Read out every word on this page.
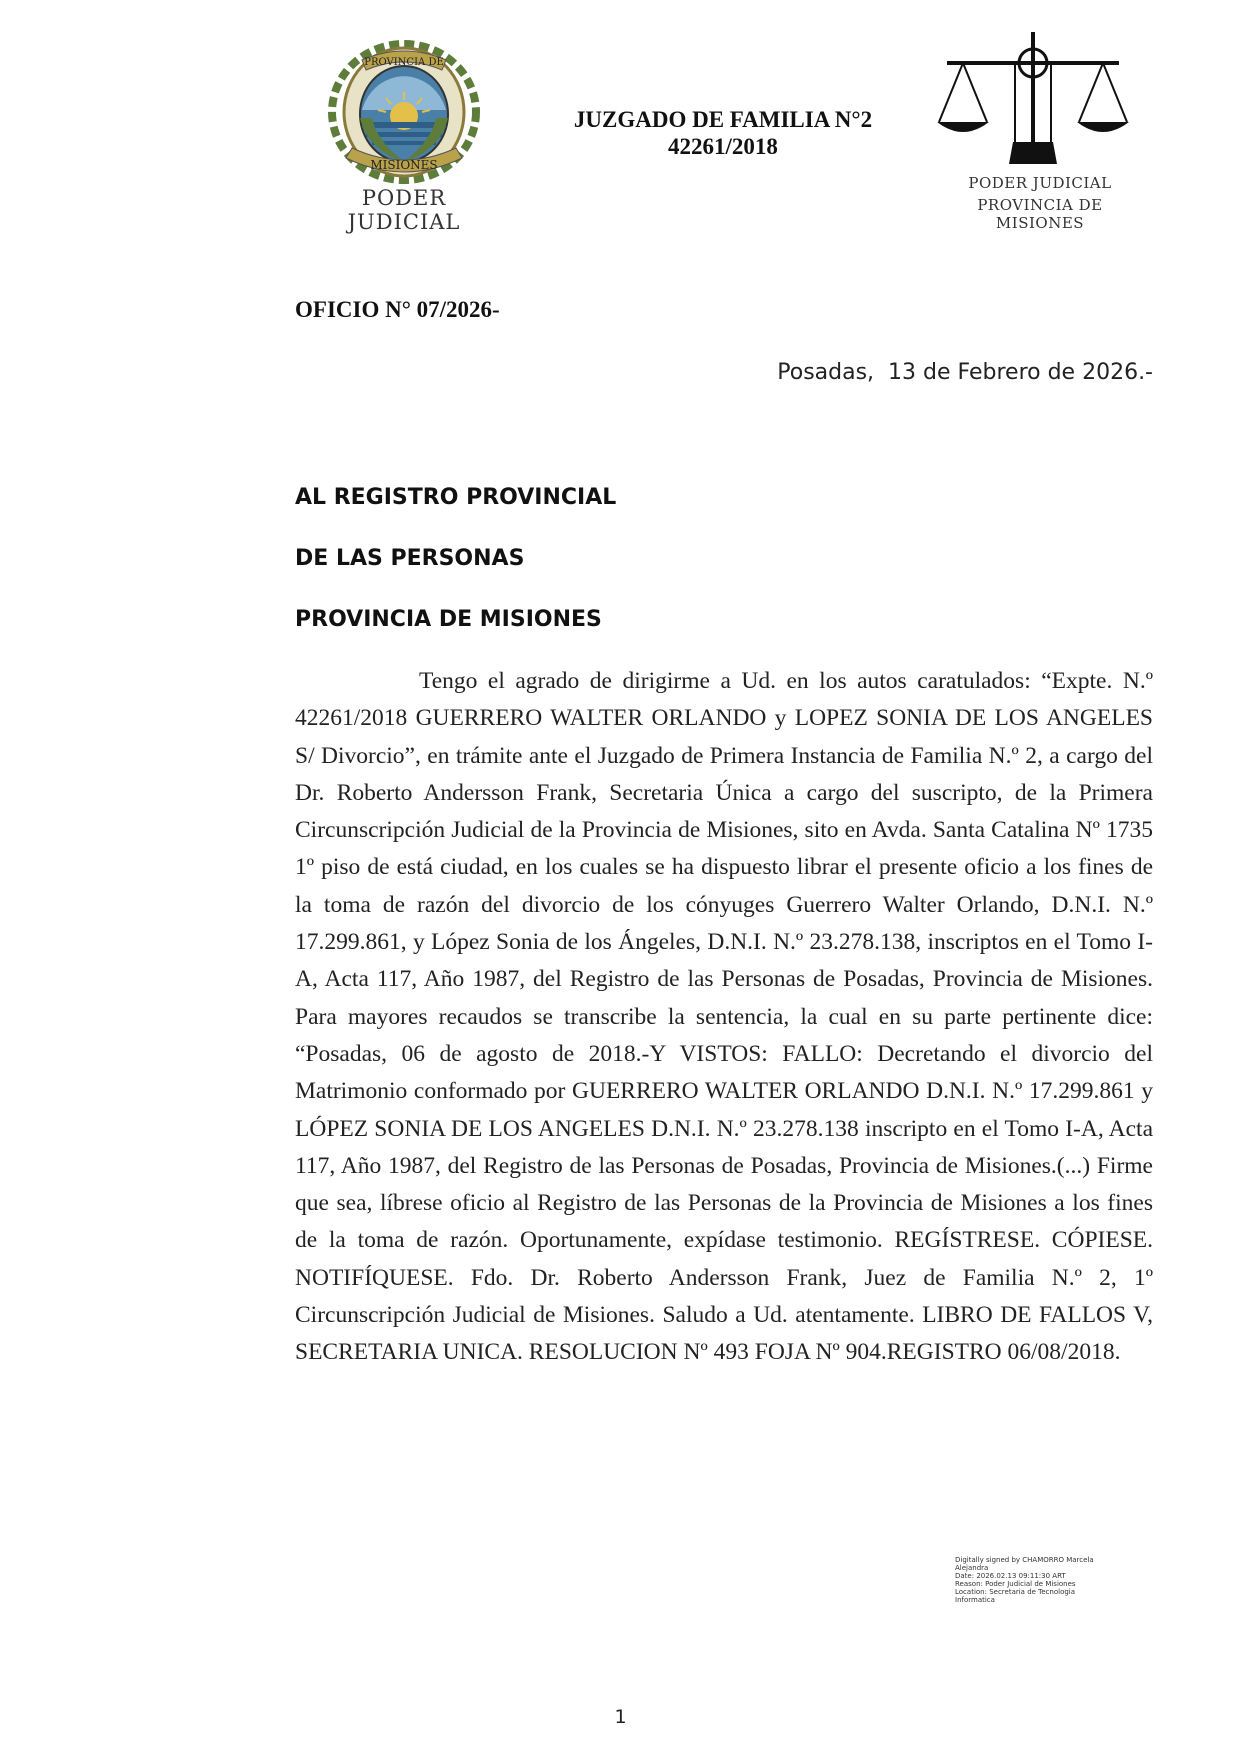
PROVINCIA DE
MISIONES
PODER JUDICIAL
JUZGADO DE FAMILIA N°2
42261/2018
PODER JUDICIAL
PROVINCIA DE MISIONES
OFICIO N° 07/2026-
Posadas,  13 de Febrero de 2026.-
AL REGISTRO PROVINCIAL
DE LAS PERSONAS
PROVINCIA DE MISIONES

Tengo el agrado de dirigirme a Ud. en los autos caratulados: “Expte. N.º 42261/2018 GUERRERO WALTER ORLANDO y LOPEZ SONIA DE LOS ANGELES S/ Divorcio”, en trámite ante el Juzgado de Primera Instancia de Familia N.º 2, a cargo del Dr. Roberto Andersson Frank, Secretaria Única a cargo del suscripto, de la Primera Circunscripción Judicial de la Provincia de Misiones, sito en Avda. Santa Catalina Nº 1735 1º piso de está ciudad, en los cuales se ha dispuesto librar el presente oficio a los fines de la toma de razón del divorcio de los cónyuges Guerrero Walter Orlando, D.N.I. N.º 17.299.861, y López Sonia de los Ángeles, D.N.I. N.º 23.278.138, inscriptos en el Tomo I-A, Acta 117, Año 1987, del Registro de las Personas de Posadas, Provincia de Misiones. Para mayores recaudos se transcribe la sentencia, la cual en su parte pertinente dice: “Posadas, 06 de agosto de 2018.-Y VISTOS: FALLO: Decretando el divorcio del Matrimonio conformado por GUERRERO WALTER ORLANDO D.N.I. N.º 17.299.861 y LÓPEZ SONIA DE LOS ANGELES D.N.I. N.º 23.278.138 inscripto en el Tomo I-A, Acta 117, Año 1987, del Registro de las Personas de Posadas, Provincia de Misiones.(...) Firme que sea, líbrese oficio al Registro de las Personas de la Provincia de Misiones a los fines de la toma de razón. Oportunamente, expídase testimonio. REGÍSTRESE. CÓPIESE. NOTIFÍQUESE. Fdo. Dr. Roberto Andersson Frank, Juez de Familia N.º 2, 1º Circunscripción Judicial de Misiones. Saludo a Ud. atentamente. LIBRO DE FALLOS V, SECRETARIA UNICA. RESOLUCION Nº 493 FOJA Nº 904.REGISTRO 06/08/2018.

Digitally signed by CHAMORRO Marcela
Alejandra
Date: 2026.02.13 09:11:30 ART
Reason: Poder Judicial de Misiones
Location: Secretaria de Tecnologia
Informatica
1
